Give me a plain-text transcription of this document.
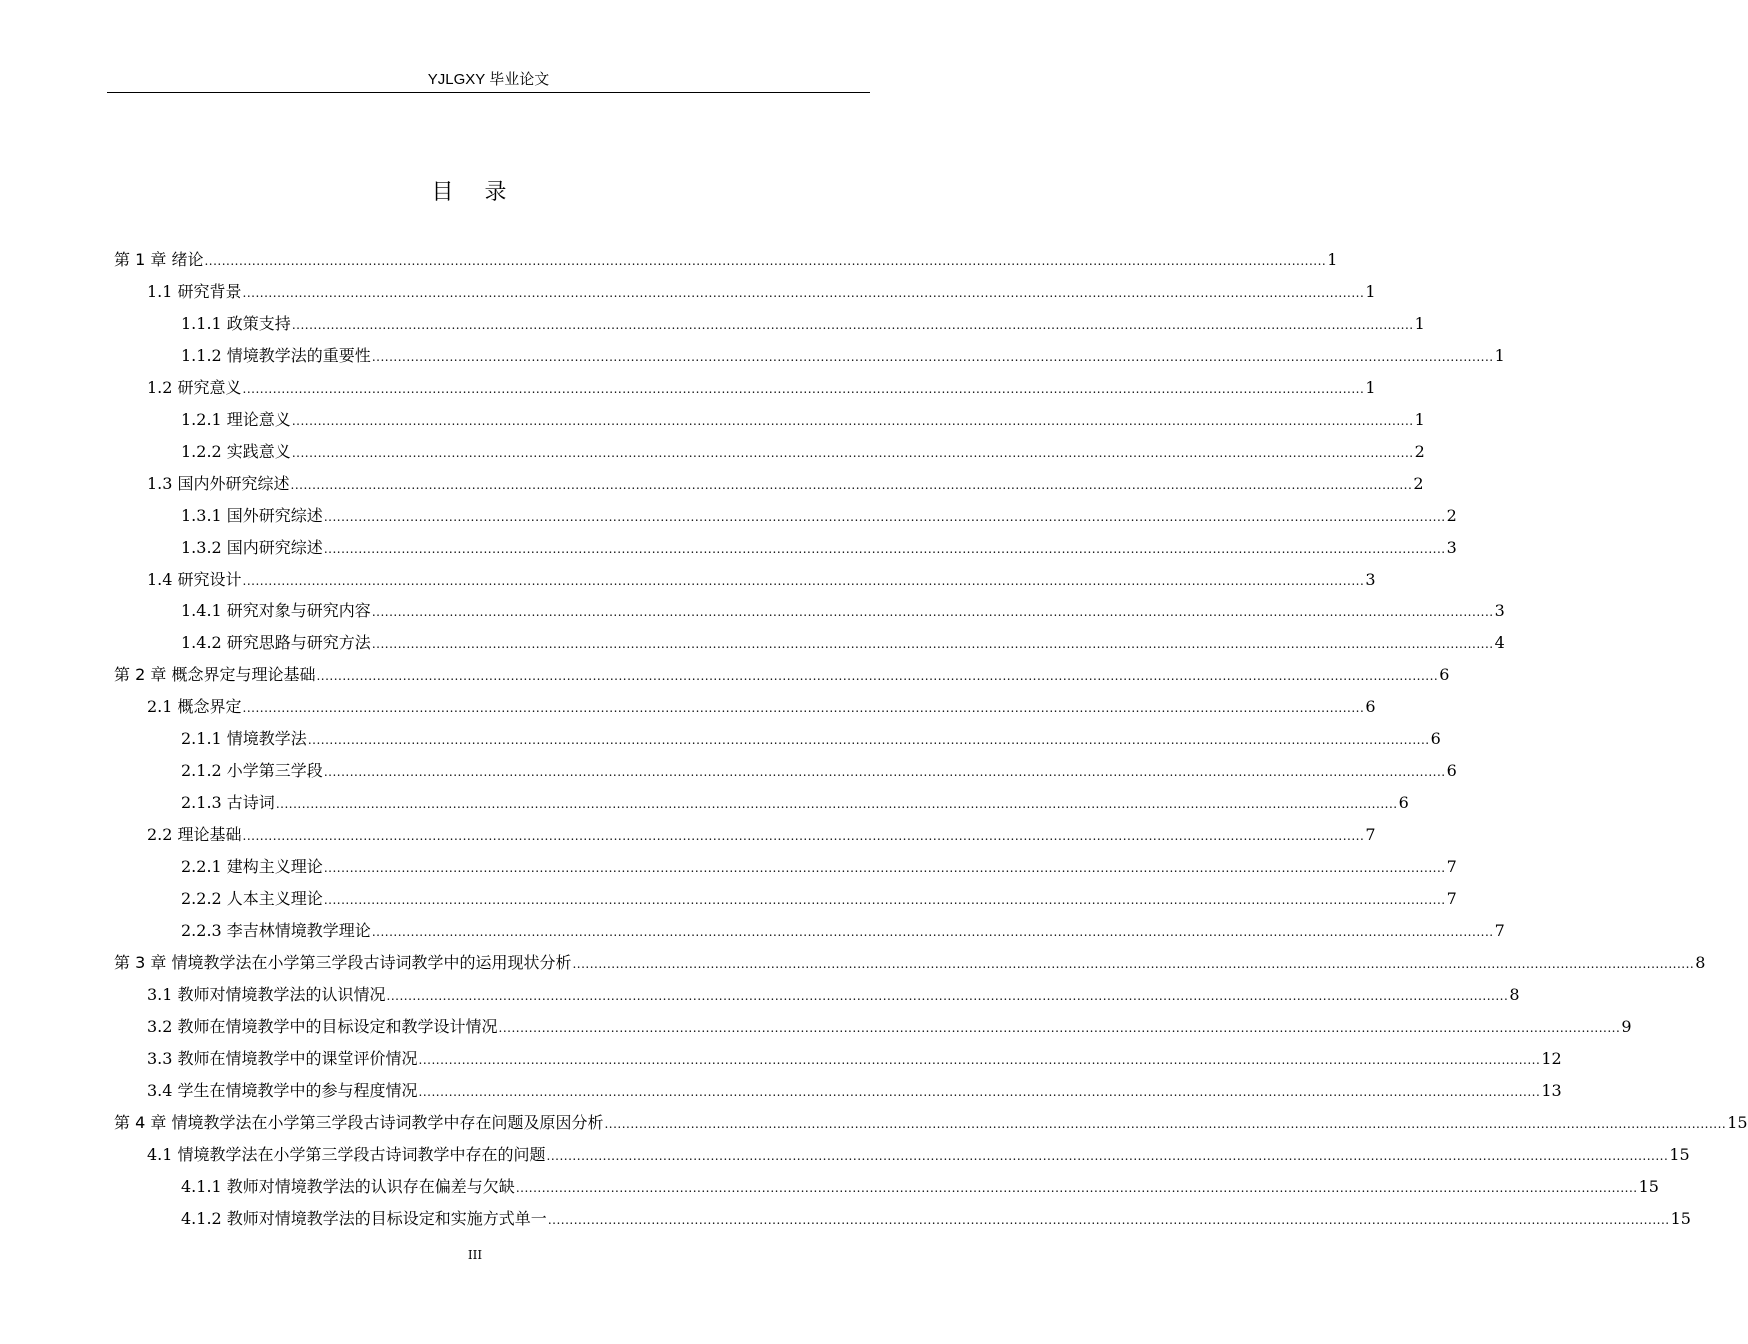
YJLGXY 毕业论文
目 录
第 1 章 绪论 .................................................................................................................................................................................................................................................................... 1
1.1 研究背景 .................................................................................................................................................................................................................................................................... 1
1.1.1 政策支持 .................................................................................................................................................................................................................................................................... 1
1.1.2 情境教学法的重要性 .................................................................................................................................................................................................................................................................... 1
1.2 研究意义 .................................................................................................................................................................................................................................................................... 1
1.2.1 理论意义 .................................................................................................................................................................................................................................................................... 1
1.2.2 实践意义 .................................................................................................................................................................................................................................................................... 2
1.3 国内外研究综述 .................................................................................................................................................................................................................................................................... 2
1.3.1 国外研究综述 .................................................................................................................................................................................................................................................................... 2
1.3.2 国内研究综述 .................................................................................................................................................................................................................................................................... 3
1.4 研究设计 .................................................................................................................................................................................................................................................................... 3
1.4.1 研究对象与研究内容 .................................................................................................................................................................................................................................................................... 3
1.4.2 研究思路与研究方法 .................................................................................................................................................................................................................................................................... 4
第 2 章 概念界定与理论基础 .................................................................................................................................................................................................................................................................... 6
2.1 概念界定 .................................................................................................................................................................................................................................................................... 6
2.1.1 情境教学法 .................................................................................................................................................................................................................................................................... 6
2.1.2 小学第三学段 .................................................................................................................................................................................................................................................................... 6
2.1.3 古诗词 .................................................................................................................................................................................................................................................................... 6
2.2 理论基础 .................................................................................................................................................................................................................................................................... 7
2.2.1 建构主义理论 .................................................................................................................................................................................................................................................................... 7
2.2.2 人本主义理论 .................................................................................................................................................................................................................................................................... 7
2.2.3 李吉林情境教学理论 .................................................................................................................................................................................................................................................................... 7
第 3 章 情境教学法在小学第三学段古诗词教学中的运用现状分析 .................................................................................................................................................................................................................................................................... 8
3.1 教师对情境教学法的认识情况 .................................................................................................................................................................................................................................................................... 8
3.2 教师在情境教学中的目标设定和教学设计情况 .................................................................................................................................................................................................................................................................... 9
3.3 教师在情境教学中的课堂评价情况 .................................................................................................................................................................................................................................................................... 12
3.4 学生在情境教学中的参与程度情况 .................................................................................................................................................................................................................................................................... 13
第 4 章 情境教学法在小学第三学段古诗词教学中存在问题及原因分析 .................................................................................................................................................................................................................................................................... 15
4.1 情境教学法在小学第三学段古诗词教学中存在的问题 .................................................................................................................................................................................................................................................................... 15
4.1.1 教师对情境教学法的认识存在偏差与欠缺 .................................................................................................................................................................................................................................................................... 15
4.1.2 教师对情境教学法的目标设定和实施方式单一 .................................................................................................................................................................................................................................................................... 15
III
